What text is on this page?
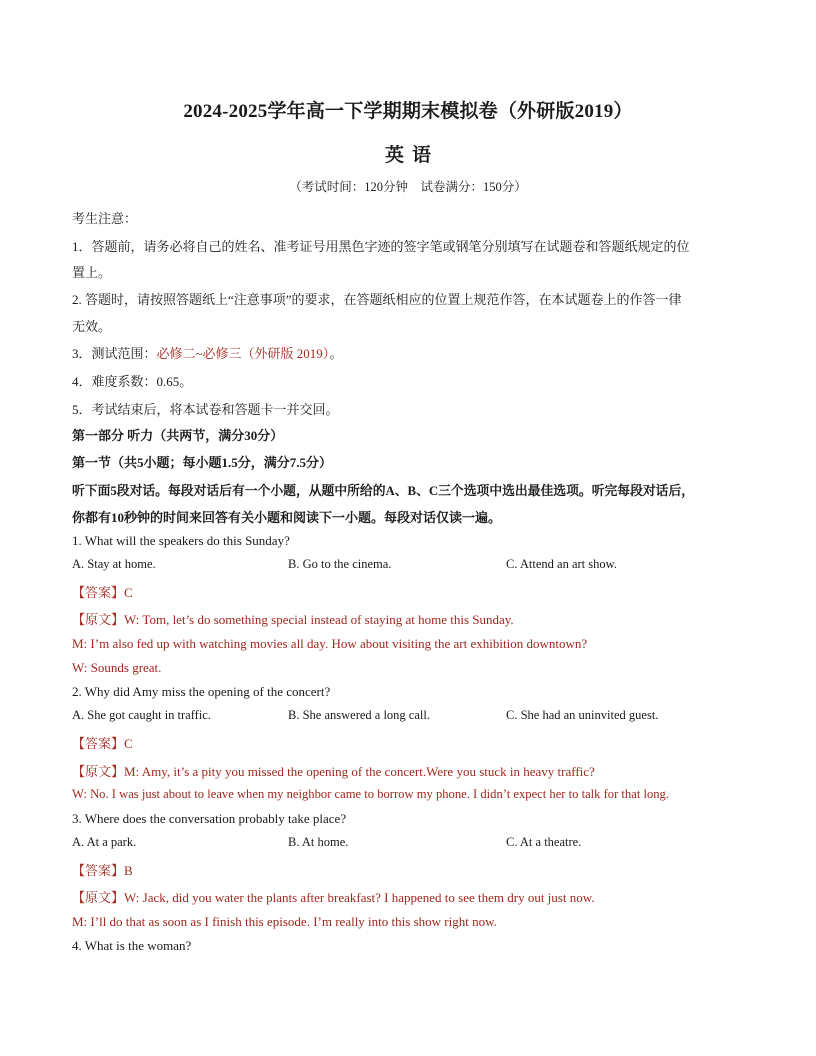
2024-2025学年高一下学期期末模拟卷（外研版2019）
英 语
（考试时间：120分钟　试卷满分：150分）
考生注意：
1．答题前，请务必将自己的姓名、准考证号用黑色字迹的签字笔或钢笔分别填写在试题卷和答题纸规定的位
置上。
2. 答题时，请按照答题纸上“注意事项”的要求，在答题纸相应的位置上规范作答，在本试题卷上的作答一律
无效。
3．测试范围：必修二~必修三（外研版 2019）。
4．难度系数：0.65。
5．考试结束后，将本试卷和答题卡一并交回。
第一部分 听力（共两节，满分30分）
第一节（共5小题；每小题1.5分，满分7.5分）
听下面5段对话。每段对话后有一个小题，从题中所给的A、B、C三个选项中选出最佳选项。听完每段对话后，
你都有10秒钟的时间来回答有关小题和阅读下一小题。每段对话仅读一遍。
1. What will the speakers do this Sunday?
A. Stay at home.	B. Go to the cinema.	C. Attend an art show.
【答案】C
【原文】W: Tom, let’s do something special instead of staying at home this Sunday.
M: I’m also fed up with watching movies all day. How about visiting the art exhibition downtown?
W: Sounds great.
2. Why did Amy miss the opening of the concert?
A. She got caught in traffic.	B. She answered a long call.	C. She had an uninvited guest.
【答案】C
【原文】M: Amy, it’s a pity you missed the opening of the concert.Were you stuck in heavy traffic?
W: No. I was just about to leave when my neighbor came to borrow my phone. I didn’t expect her to talk for that long.
3. Where does the conversation probably take place?
A. At a park.	B. At home.	C. At a theatre.
【答案】B
【原文】W: Jack, did you water the plants after breakfast? I happened to see them dry out just now.
M: I’ll do that as soon as I finish this episode. I’m really into this show right now.
4. What is the woman?
